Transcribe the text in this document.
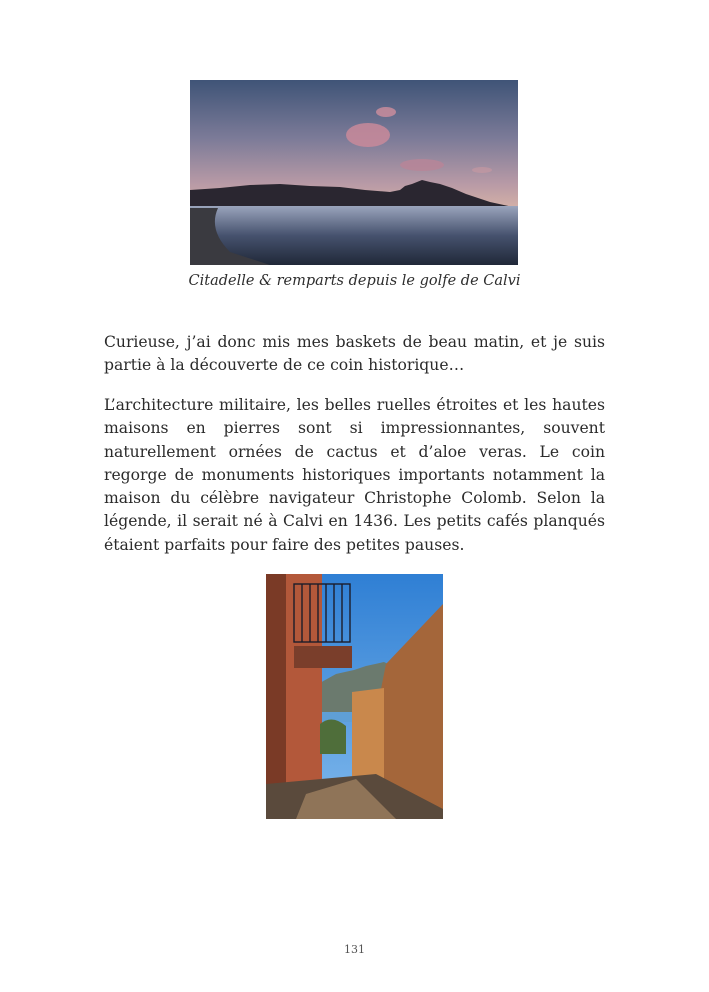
Citadelle & remparts depuis le golfe de Calvi

Curieuse, j’ai donc mis mes baskets de beau matin, et je suis partie à la découverte de ce coin historique…

L’architecture militaire, les belles ruelles étroites et les hautes maisons en pierres sont si impressionnantes, souvent naturellement ornées de cactus et d’aloe veras. Le coin regorge de monuments historiques importants notamment la maison du célèbre navigateur Christophe Colomb. Selon la légende, il serait né à Calvi en 1436. Les petits cafés planqués étaient parfaits pour faire des petites pauses.

131
